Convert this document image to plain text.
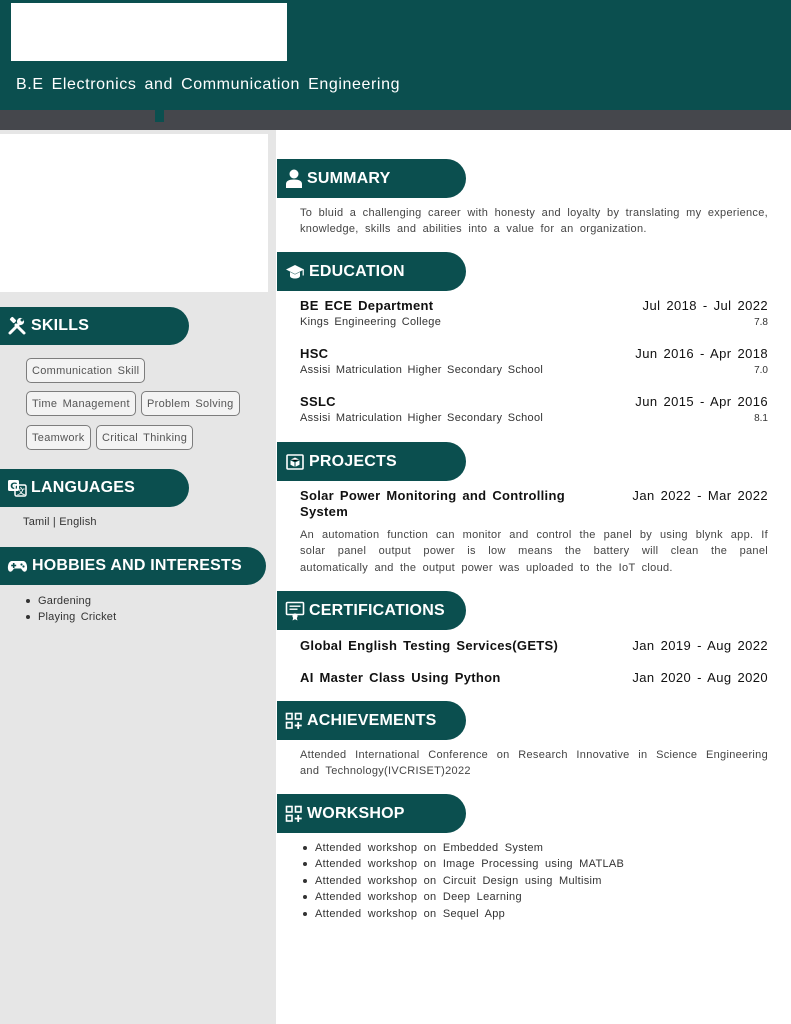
B.E Electronics and Communication Engineering
SKILLS
Communication Skill
Time Management	Problem Solving
Teamwork	Critical Thinking
G 文 LANGUAGES
Tamil | English
HOBBIES AND INTERESTS
Gardening
Playing Cricket
SUMMARY
To bluid a challenging career with honesty and loyalty by translating my experience, knowledge, skills and abilities into a value for an organization.
EDUCATION
BE ECE Department	Jul 2018 - Jul 2022
Kings Engineering College	7.8
HSC	Jun 2016 - Apr 2018
Assisi Matriculation Higher Secondary School	7.0
SSLC	Jun 2015 - Apr 2016
Assisi Matriculation Higher Secondary School	8.1
PROJECTS
Solar Power Monitoring and Controlling System
Jan 2022 - Mar 2022
An automation function can monitor and control the panel by using blynk app. If solar panel output power is low means the battery will clean the panel automatically and the output power was uploaded to the IoT cloud.
CERTIFICATIONS
Global English Testing Services(GETS)	Jan 2019 - Aug 2022
AI Master Class Using Python	Jan 2020 - Aug 2020
ACHIEVEMENTS
Attended International Conference on Research Innovative in Science Engineering and Technology(IVCRISET)2022
WORKSHOP
Attended workshop on Embedded System
Attended workshop on Image Processing using MATLAB
Attended workshop on Circuit Design using Multisim
Attended workshop on Deep Learning
Attended workshop on Sequel App
